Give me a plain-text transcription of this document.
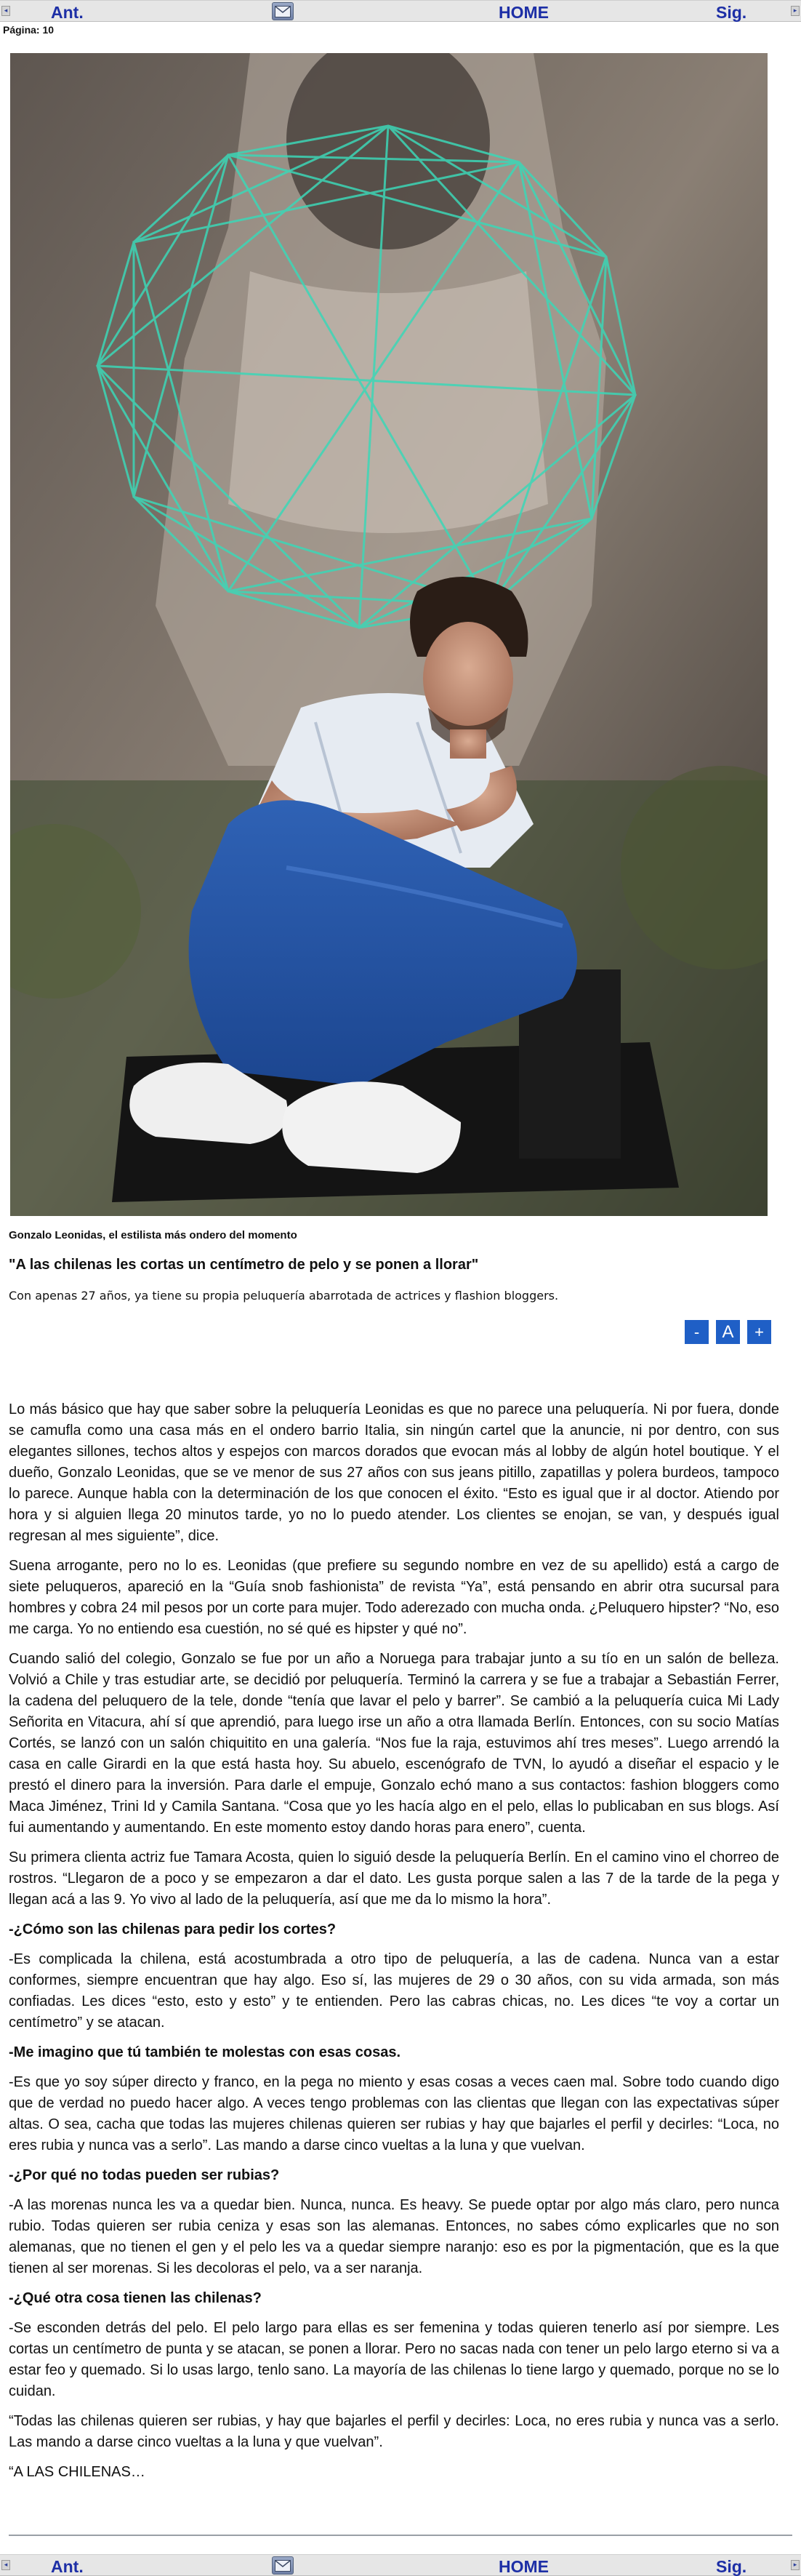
◂	Ant.	HOME	Sig.	▸
Página: 10
Gonzalo Leonidas, el estilista más ondero del momento
"A las chilenas les cortas un centímetro de pelo y se ponen a llorar"
Con apenas 27 años, ya tiene su propia peluquería abarrotada de actrices y flashion bloggers.
-	A	+

Lo más básico que hay que saber sobre la peluquería Leonidas es que no parece una peluquería. Ni por fuera, donde se camufla como una casa más en el ondero barrio Italia, sin ningún cartel que la anuncie, ni por dentro, con sus elegantes sillones, techos altos y espejos con marcos dorados que evocan más al lobby de algún hotel boutique. Y el dueño, Gonzalo Leonidas, que se ve menor de sus 27 años con sus jeans pitillo, zapatillas y polera burdeos, tampoco lo parece. Aunque habla con la determinación de los que conocen el éxito. “Esto es igual que ir al doctor. Atiendo por hora y si alguien llega 20 minutos tarde, yo no lo puedo atender. Los clientes se enojan, se van, y después igual regresan al mes siguiente”, dice.

Suena arrogante, pero no lo es. Leonidas (que prefiere su segundo nombre en vez de su apellido) está a cargo de siete peluqueros, apareció en la “Guía snob fashionista” de revista “Ya”, está pensando en abrir otra sucursal para hombres y cobra 24 mil pesos por un corte para mujer. Todo aderezado con mucha onda. ¿Peluquero hipster? “No, eso me carga. Yo no entiendo esa cuestión, no sé qué es hipster y qué no”.

Cuando salió del colegio, Gonzalo se fue por un año a Noruega para trabajar junto a su tío en un salón de belleza. Volvió a Chile y tras estudiar arte, se decidió por peluquería. Terminó la carrera y se fue a trabajar a Sebastián Ferrer, la cadena del peluquero de la tele, donde “tenía que lavar el pelo y barrer”. Se cambió a la peluquería cuica Mi Lady Señorita en Vitacura, ahí sí que aprendió, para luego irse un año a otra llamada Berlín. Entonces, con su socio Matías Cortés, se lanzó con un salón chiquitito en una galería. “Nos fue la raja, estuvimos ahí tres meses”. Luego arrendó la casa en calle Girardi en la que está hasta hoy. Su abuelo, escenógrafo de TVN, lo ayudó a diseñar el espacio y le prestó el dinero para la inversión. Para darle el empuje, Gonzalo echó mano a sus contactos: fashion bloggers como Maca Jiménez, Trini Id y Camila Santana. “Cosa que yo les hacía algo en el pelo, ellas lo publicaban en sus blogs. Así fui aumentando y aumentando. En este momento estoy dando horas para enero”, cuenta.

Su primera clienta actriz fue Tamara Acosta, quien lo siguió desde la peluquería Berlín. En el camino vino el chorreo de rostros. “Llegaron de a poco y se empezaron a dar el dato. Les gusta porque salen a las 7 de la tarde de la pega y llegan acá a las 9. Yo vivo al lado de la peluquería, así que me da lo mismo la hora”.

-¿Cómo son las chilenas para pedir los cortes?

-Es complicada la chilena, está acostumbrada a otro tipo de peluquería, a las de cadena. Nunca van a estar conformes, siempre encuentran que hay algo. Eso sí, las mujeres de 29 o 30 años, con su vida armada, son más confiadas. Les dices “esto, esto y esto” y te entienden. Pero las cabras chicas, no. Les dices “te voy a cortar un centímetro” y se atacan.

-Me imagino que tú también te molestas con esas cosas.

-Es que yo soy súper directo y franco, en la pega no miento y esas cosas a veces caen mal. Sobre todo cuando digo que de verdad no puedo hacer algo. A veces tengo problemas con las clientas que llegan con las expectativas súper altas. O sea, cacha que todas las mujeres chilenas quieren ser rubias y hay que bajarles el perfil y decirles: “Loca, no eres rubia y nunca vas a serlo”. Las mando a darse cinco vueltas a la luna y que vuelvan.

-¿Por qué no todas pueden ser rubias?

-A las morenas nunca les va a quedar bien. Nunca, nunca. Es heavy. Se puede optar por algo más claro, pero nunca rubio. Todas quieren ser rubia ceniza y esas son las alemanas. Entonces, no sabes cómo explicarles que no son alemanas, que no tienen el gen y el pelo les va a quedar siempre naranjo: eso es por la pigmentación, que es la que tienen al ser morenas. Si les decoloras el pelo, va a ser naranja.

-¿Qué otra cosa tienen las chilenas?

-Se esconden detrás del pelo. El pelo largo para ellas es ser femenina y todas quieren tenerlo así por siempre. Les cortas un centímetro de punta y se atacan, se ponen a llorar. Pero no sacas nada con tener un pelo largo eterno si va a estar feo y quemado. Si lo usas largo, tenlo sano. La mayoría de las chilenas lo tiene largo y quemado, porque no se lo cuidan.

“Todas las chilenas quieren ser rubias, y hay que bajarles el perfil y decirles: Loca, no eres rubia y nunca vas a serlo. Las mando a darse cinco vueltas a la luna y que vuelvan”.

“A LAS CHILENAS…

◂	Ant.	HOME	Sig.	▸
